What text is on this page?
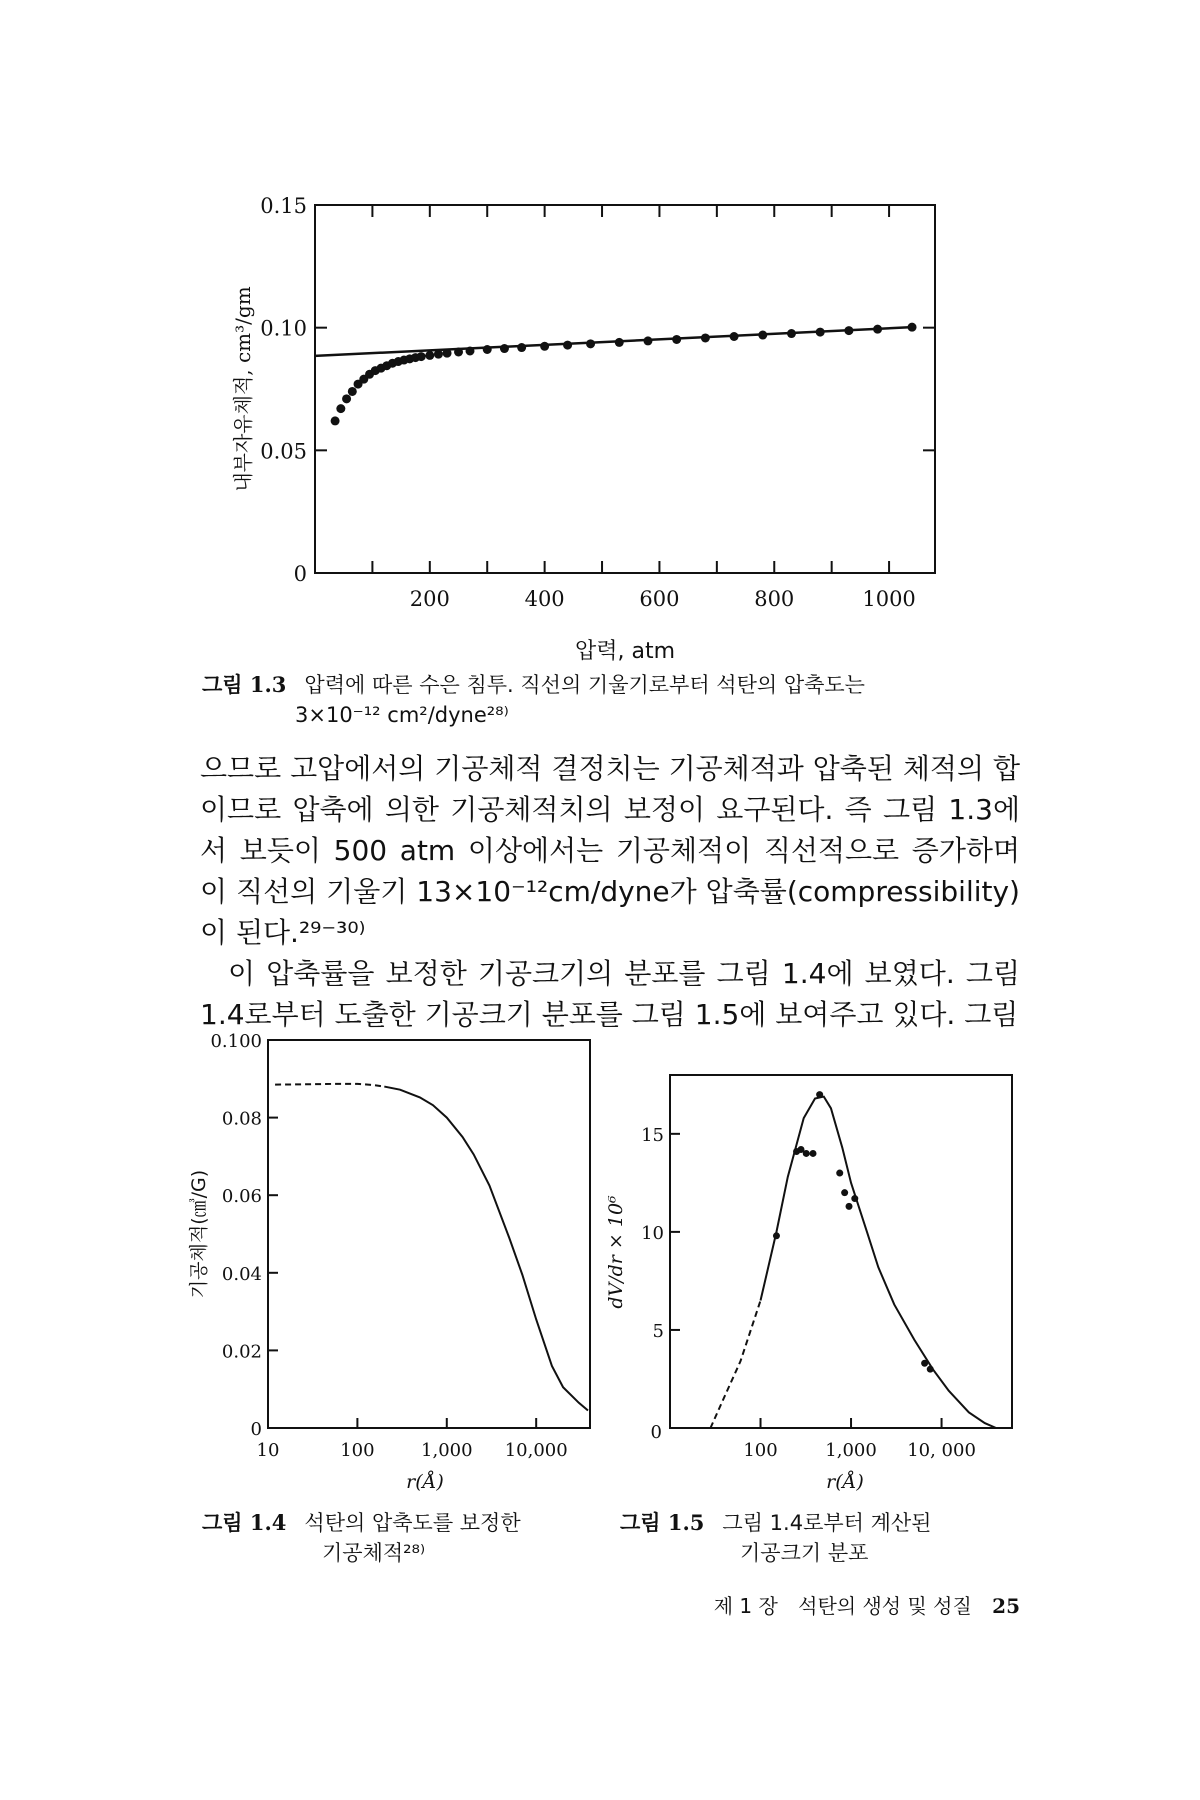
200	400	600	800	1000
0
0.05
0.10
0.15
내부자유체적, cm³/gm
압력, atm
그림 1.3 압력에 따른 수은 침투. 직선의 기울기로부터 석탄의 압축도는
3×10⁻¹² cm²/dyne²⁸⁾

으므로 고압에서의 기공체적 결정치는 기공체적과 압축된 체적의 합이므로 압축에 의한 기공체적치의 보정이 요구된다. 즉 그림 1.3에서 보듯이 500 atm 이상에서는 기공체적이 직선적으로 증가하며 이 직선의 기울기 13×10⁻¹²cm/dyne가 압축률(compressibility)이 된다.²⁹⁻³⁰⁾

이 압축률을 보정한 기공크기의 분포를 그림 1.4에 보였다. 그림 1.4로부터 도출한 기공크기 분포를 그림 1.5에 보여주고 있다. 그림

10	100	1,000 10,000
0
0.02
0.04
0.06
0.08
0.100
기공체적(㎤/G)
r(Å)
100	1,000 10, 000
0
5
10
15
dV/dr × 10⁶
r(Å)
그림 1.4 석탄의 압축도를 보정한
기공체적²⁸⁾
그림 1.5 그림 1.4로부터 계산된
기공크기 분포
제 1 장 석탄의 생성 및 성질 25
